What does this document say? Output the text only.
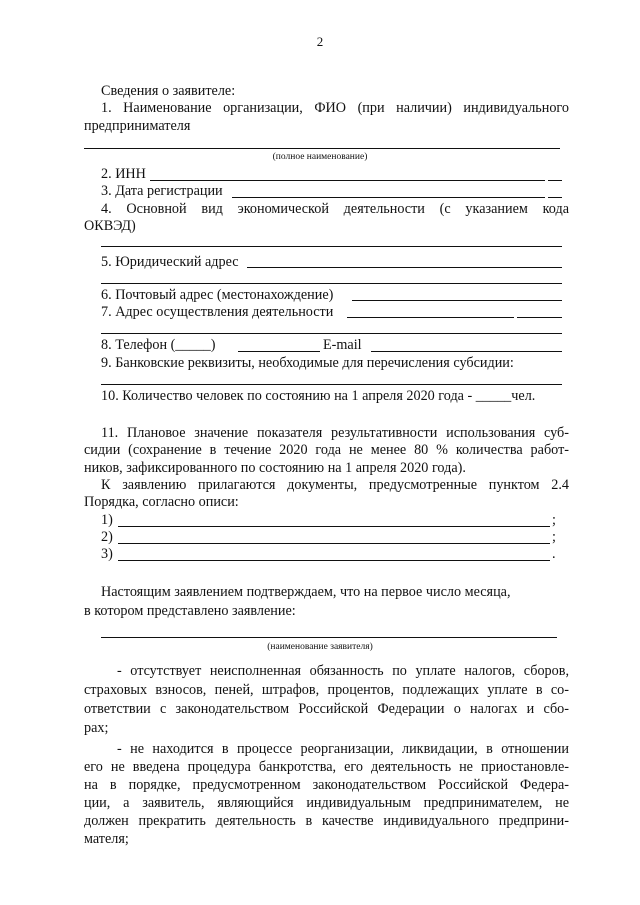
2
Сведения о заявителе:
1. Наименование организации, ФИО (при наличии) индивидуального
предпринимателя
(полное наименование)
2. ИНН
3. Дата регистрации
4. Основной вид экономической деятельности (с указанием кода
ОКВЭД)
5. Юридический адрес
6. Почтовый адрес (местонахождение)
7. Адрес осуществления деятельности
8. Телефон (_____)	E-mail
9. Банковские реквизиты, необходимые для перечисления субсидии:
10. Количество человек по состоянию на 1 апреля 2020 года - _____чел.
11. Плановое значение показателя результативности использования суб-
сидии (сохранение в течение 2020 года не менее 80 % количества работ-
ников, зафиксированного по состоянию на 1 апреля 2020 года).
К заявлению прилагаются документы, предусмотренные пунктом 2.4
Порядка, согласно описи:
1)	;
2)	;
3)	.
Настоящим заявлением подтверждаем, что на первое число месяца,
в котором представлено заявление:
(наименование заявителя)
- отсутствует неисполненная обязанность по уплате налогов, сборов,
страховых взносов, пеней, штрафов, процентов, подлежащих уплате в со-
ответствии с законодательством Российской Федерации о налогах и сбо-
рах;
- не находится в процессе реорганизации, ликвидации, в отношении
его не введена процедура банкротства, его деятельность не приостановле-
на в порядке, предусмотренном законодательством Российской Федера-
ции, а заявитель, являющийся индивидуальным предпринимателем, не
должен прекратить деятельность в качестве индивидуального предприни-
мателя;
